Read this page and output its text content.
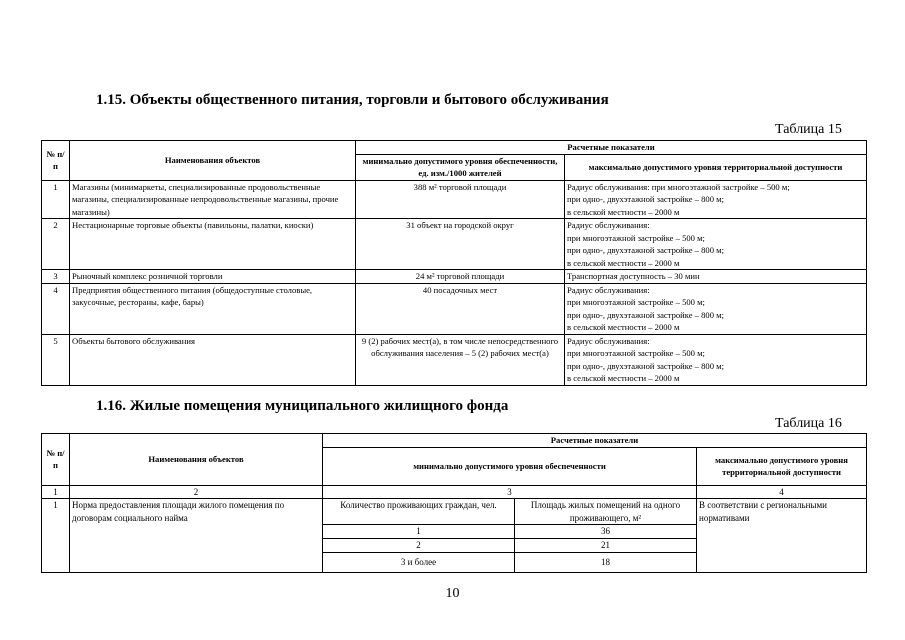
1.15. Объекты общественного питания, торговли и бытового обслуживания
Таблица 15
№ п/п	Наименования объектов	Расчетные показатели	
		минимально допустимого уровня обеспеченности, ед. изм./1000 жителей	максимально допустимого уровня территориальной доступности
1	Магазины (минимаркеты, специализированные продовольственные магазины, специализированные непродовольственные магазины, прочие магазины)	388 м² торговой площади	Радиус обслуживания: при многоэтажной застройке – 500 м;
при одно-, двухэтажной застройке – 800 м;
в сельской местности – 2000 м

2	Нестационарные торговые объекты (павильоны, палатки, киоски)	31 объект на городской округ	Радиус обслуживания:
при многоэтажной застройке – 500 м;
при одно-, двухэтажной застройке – 800 м;
в сельской местности – 2000 м

3	Рыночный комплекс розничной торговли	24 м² торговой площади	Транспортная доступность – 30 мин

4	Предприятия общественного питания (общедоступные столовые, закусочные, рестораны, кафе, бары)	40 посадочных мест	Радиус обслуживания:
при многоэтажной застройке – 500 м;
при одно-, двухэтажной застройке – 800 м;
в сельской местности – 2000 м

5	Объекты бытового обслуживания	9 (2) рабочих мест(а), в том числе непосредственного обслуживания населения – 5 (2) рабочих мест(а)	Радиус обслуживания:
при многоэтажной застройке – 500 м;
при одно-, двухэтажной застройке – 800 м;
в сельской местности – 2000 м
1.16. Жилые помещения муниципального жилищного фонда
Таблица 16
№ п/п	Наименования объектов	Расчетные показатели		
		минимально допустимого уровня обеспеченности		максимально допустимого уровня территориальной доступности
1	2	3		4
1	Норма предоставления площади жилого помещения по договорам социального найма	Количество проживающих граждан, чел.	Площадь жилых помещений на одного проживающего, м²	В соответствии с региональными нормативами
		1	36	
		2	21	
		3 и более	18	
10
